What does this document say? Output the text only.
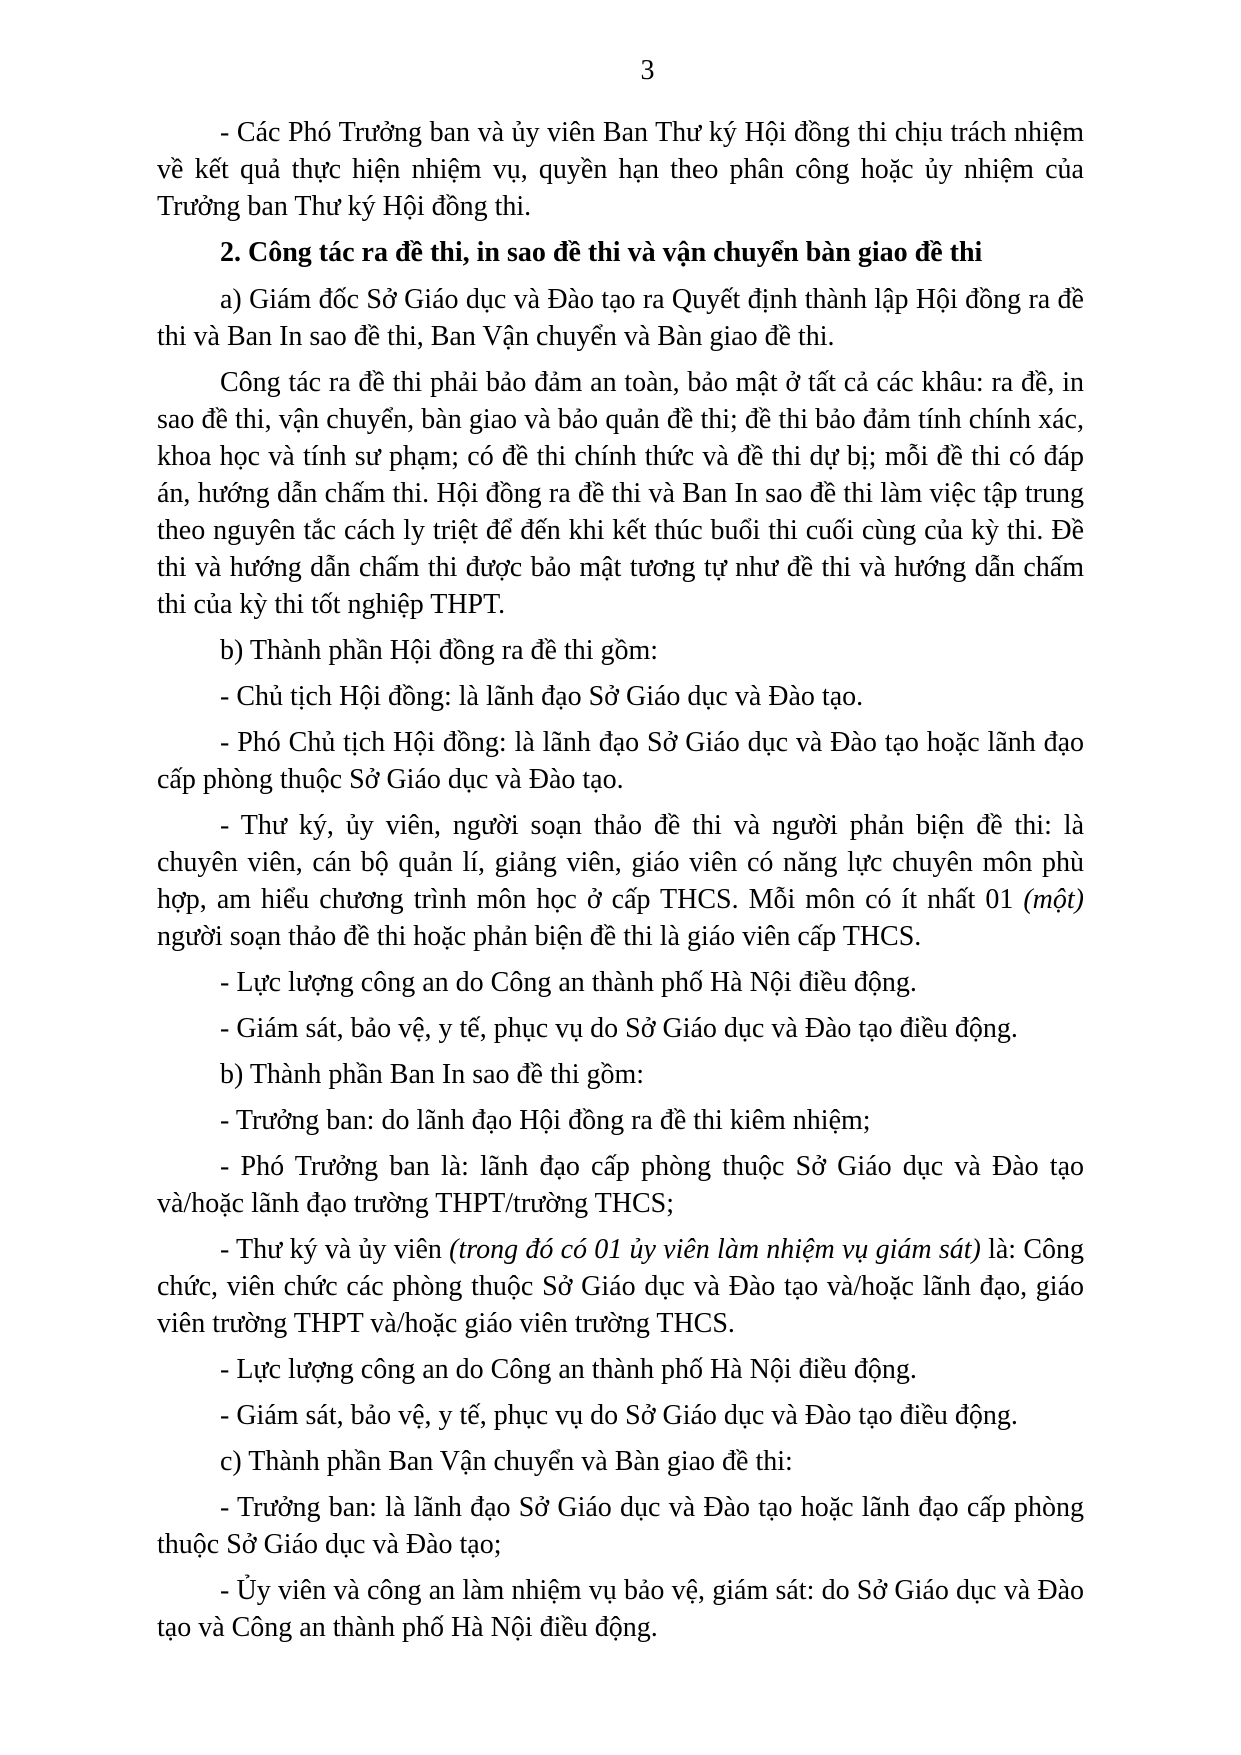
3

- Các Phó Trưởng ban và ủy viên Ban Thư ký Hội đồng thi chịu trách nhiệm về kết quả thực hiện nhiệm vụ, quyền hạn theo phân công hoặc ủy nhiệm của Trưởng ban Thư ký Hội đồng thi.

2. Công tác ra đề thi, in sao đề thi và vận chuyển bàn giao đề thi

a) Giám đốc Sở Giáo dục và Đào tạo ra Quyết định thành lập Hội đồng ra đề thi và Ban In sao đề thi, Ban Vận chuyển và Bàn giao đề thi.

Công tác ra đề thi phải bảo đảm an toàn, bảo mật ở tất cả các khâu: ra đề, in sao đề thi, vận chuyển, bàn giao và bảo quản đề thi; đề thi bảo đảm tính chính xác, khoa học và tính sư phạm; có đề thi chính thức và đề thi dự bị; mỗi đề thi có đáp án, hướng dẫn chấm thi. Hội đồng ra đề thi và Ban In sao đề thi làm việc tập trung theo nguyên tắc cách ly triệt để đến khi kết thúc buổi thi cuối cùng của kỳ thi. Đề thi và hướng dẫn chấm thi được bảo mật tương tự như đề thi và hướng dẫn chấm thi của kỳ thi tốt nghiệp THPT.

b) Thành phần Hội đồng ra đề thi gồm:

- Chủ tịch Hội đồng: là lãnh đạo Sở Giáo dục và Đào tạo.

- Phó Chủ tịch Hội đồng: là lãnh đạo Sở Giáo dục và Đào tạo hoặc lãnh đạo cấp phòng thuộc Sở Giáo dục và Đào tạo.

- Thư ký, ủy viên, người soạn thảo đề thi và người phản biện đề thi: là chuyên viên, cán bộ quản lí, giảng viên, giáo viên có năng lực chuyên môn phù hợp, am hiểu chương trình môn học ở cấp THCS. Mỗi môn có ít nhất 01 (một) người soạn thảo đề thi hoặc phản biện đề thi là giáo viên cấp THCS.

- Lực lượng công an do Công an thành phố Hà Nội điều động.

- Giám sát, bảo vệ, y tế, phục vụ do Sở Giáo dục và Đào tạo điều động.

b) Thành phần Ban In sao đề thi gồm:

- Trưởng ban: do lãnh đạo Hội đồng ra đề thi kiêm nhiệm;

- Phó Trưởng ban là: lãnh đạo cấp phòng thuộc Sở Giáo dục và Đào tạo và/hoặc lãnh đạo trường THPT/trường THCS;

- Thư ký và ủy viên (trong đó có 01 ủy viên làm nhiệm vụ giám sát) là: Công chức, viên chức các phòng thuộc Sở Giáo dục và Đào tạo và/hoặc lãnh đạo, giáo viên trường THPT và/hoặc giáo viên trường THCS.

- Lực lượng công an do Công an thành phố Hà Nội điều động.

- Giám sát, bảo vệ, y tế, phục vụ do Sở Giáo dục và Đào tạo điều động.

c) Thành phần Ban Vận chuyển và Bàn giao đề thi:

- Trưởng ban: là lãnh đạo Sở Giáo dục và Đào tạo hoặc lãnh đạo cấp phòng thuộc Sở Giáo dục và Đào tạo;

- Ủy viên và công an làm nhiệm vụ bảo vệ, giám sát: do Sở Giáo dục và Đào tạo và Công an thành phố Hà Nội điều động.
